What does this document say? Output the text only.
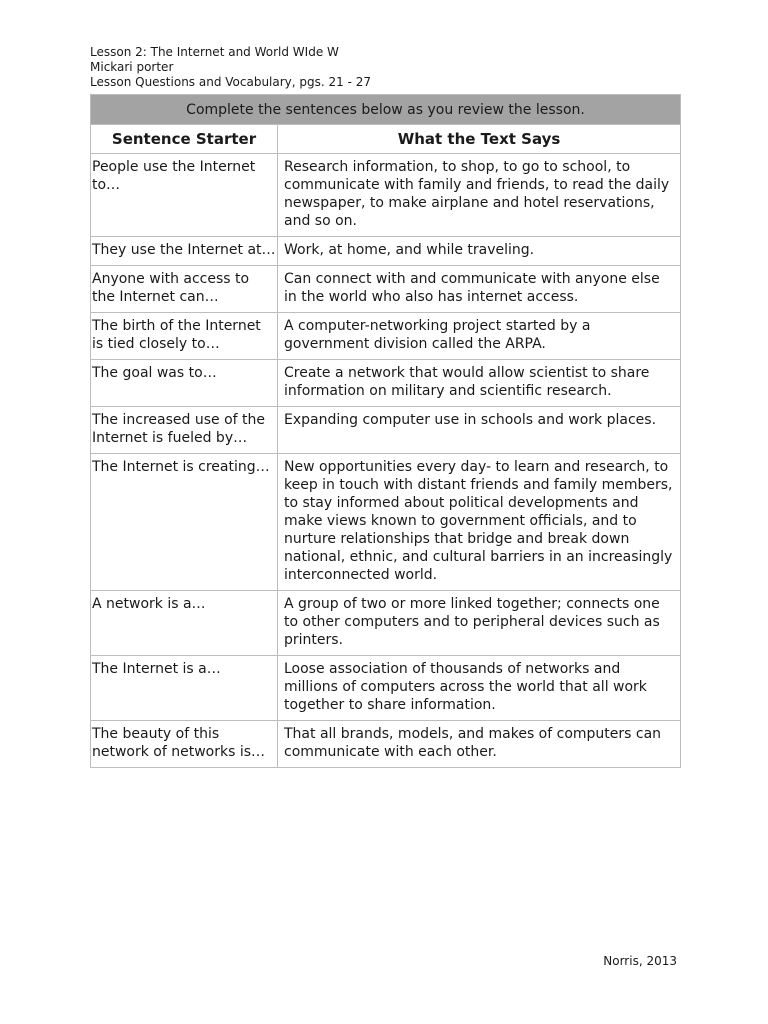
Lesson 2: The Internet and World WIde W
Mickari porter
Lesson Questions and Vocabulary, pgs. 21 - 27
Complete the sentences below as you review the lesson.	
Sentence Starter	What the Text Says
People use the Internet to…	Research information, to shop, to go to school, to communicate with family and friends, to read the daily newspaper, to make airplane and hotel reservations, and so on.
They use the Internet at…	Work, at home, and while traveling.
Anyone with access to the Internet can…	Can connect with and communicate with anyone else in the world who also has internet access.
The birth of the Internet is tied closely to…	A computer-networking project started by a government division called the ARPA.
The goal was to…	Create a network that would allow scientist to share information on military and scientific research.
The increased use of the Internet is fueled by…	Expanding computer use in schools and work places.
The Internet is creating…	New opportunities every day- to learn and research, to keep in touch with distant friends and family members, to stay informed about political developments and make views known to government officials, and to nurture relationships that bridge and break down national, ethnic, and cultural barriers in an increasingly interconnected world.
A network is a…	A group of two or more linked together; connects one to other computers and to peripheral devices such as printers.
The Internet is a…	Loose association of thousands of networks and millions of computers across the world that all work together to share information.
The beauty of this network of networks is…	That all brands, models, and makes of computers can communicate with each other.
Norris, 2013
